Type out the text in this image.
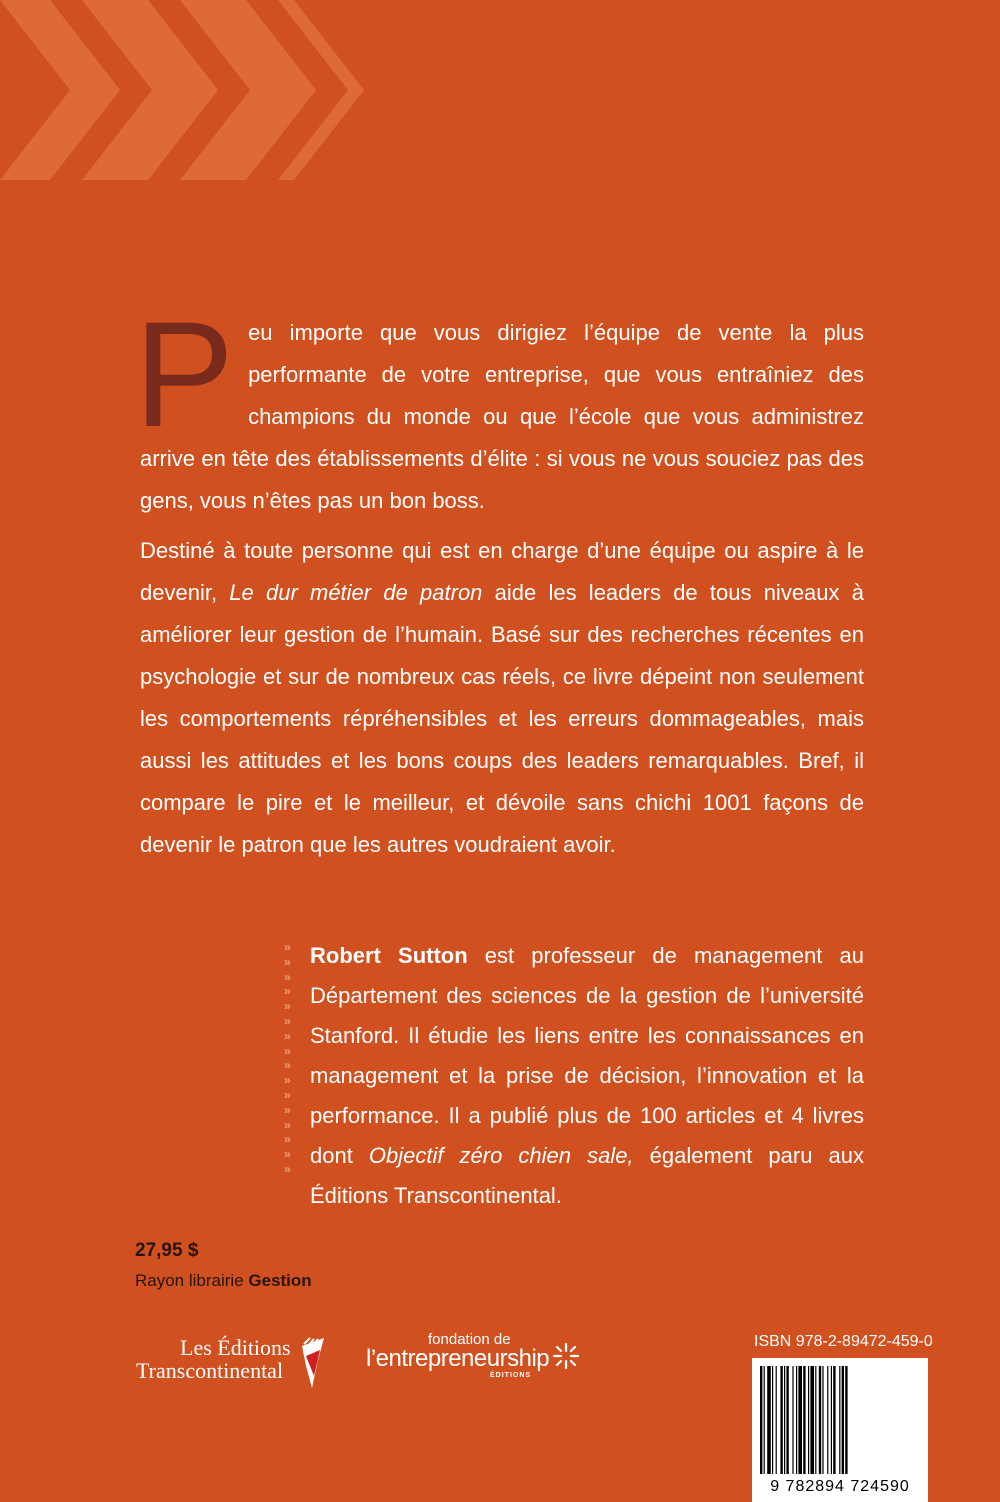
Peu importe que vous dirigiez l’équipe de vente la plus performante de votre entreprise, que vous entraîniez des champions du monde ou que l’école que vous administrez arrive en tête des établissements d’élite : si vous ne vous souciez pas des gens, vous n’êtes pas un bon boss.

Destiné à toute personne qui est en charge d’une équipe ou aspire à le devenir, Le dur métier de patron aide les leaders de tous niveaux à améliorer leur gestion de l’humain. Basé sur des recherches récentes en psychologie et sur de nombreux cas réels, ce livre dépeint non seulement les comportements répréhensibles et les erreurs dommageables, mais aussi les attitudes et les bons coups des leaders remarquables. Bref, il compare le pire et le meilleur, et dévoile sans chichi 1001 façons de devenir le patron que les autres voudraient avoir.

»
»
»
»
»
»
»
»
»
»
»
»
»
»
»
»

Robert Sutton est professeur de management au Département des sciences de la gestion de l’université Stanford. Il étudie les liens entre les connaissances en management et la prise de décision, l’innovation et la performance. Il a publié plus de 100 articles et 4 livres dont Objectif zéro chien sale, également paru aux Éditions Transcontinental.

27,95 $
Rayon librairie Gestion
Les Éditions
Transcontinental
fondation de
l’entrepreneurship
ÉDITIONS
ISBN 978-2-89472-459-0
9 782894 724590
